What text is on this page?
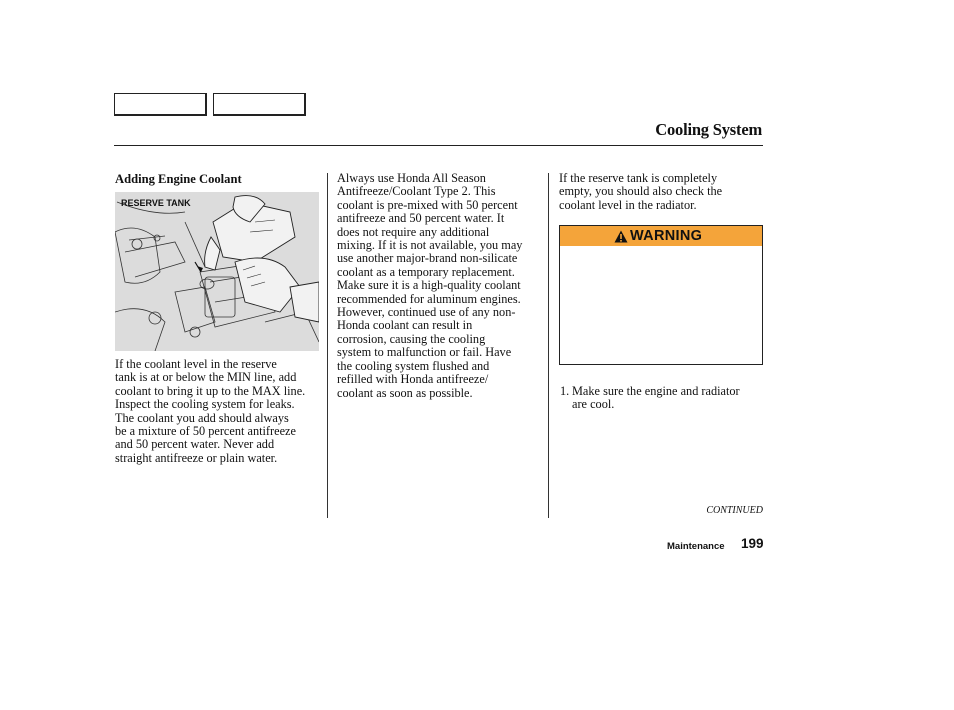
Cooling System
Adding Engine Coolant
RESERVE TANK
If the coolant level in the reserve
tank is at or below the MIN line, add
coolant to bring it up to the MAX line.
Inspect the cooling system for leaks.
The coolant you add should always
be a mixture of 50 percent antifreeze
and 50 percent water. Never add
straight antifreeze or plain water.
Always use Honda All Season
Antifreeze/Coolant Type 2. This
coolant is pre-mixed with 50 percent
antifreeze and 50 percent water. It
does not require any additional
mixing. If it is not available, you may
use another major-brand non-silicate
coolant as a temporary replacement.
Make sure it is a high-quality coolant
recommended for aluminum engines.
However, continued use of any non-
Honda coolant can result in
corrosion, causing the cooling
system to malfunction or fail. Have
the cooling system flushed and
refilled with Honda antifreeze/
coolant as soon as possible.
If the reserve tank is completely
empty, you should also check the
coolant level in the radiator.
WARNING
1. Make sure the engine and radiator
are cool.
CONTINUED
Maintenance 199
